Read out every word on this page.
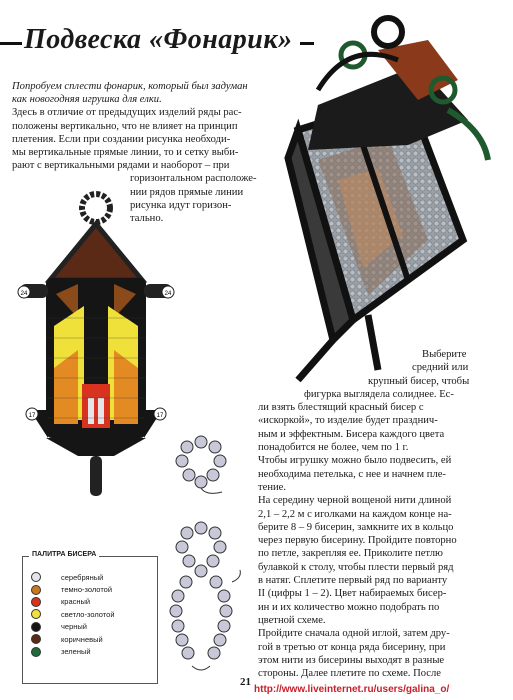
Подвеска «Фонарик»

Попробуем сплести фонарик, который был задуман

как новогодняя игрушка для елки.

Здесь в отличие от предыдущих изделий ряды рас-

положены вертикально, что не влияет на принцип

плетения. Если при создании рисунка необходи-

мы вертикальные прямые линии, то и сетку выби-

рают с вертикальными рядами и наоборот – при

горизонтальном расположе-

нии рядов прямые линии

рисунка идут горизон-

тально.

24	24
17	17
ПАЛИТРА БИСЕРА
серебряный
темно-золотой
красный
светло-золотой
черный
коричневый
зеленый

Выберите

средний или

крупный бисер, чтобы

фигурка выглядела солиднее. Ес-

ли взять блестящий красный бисер с

«искоркой», то изделие будет празднич-

ным и эффектным. Бисера каждого цвета

понадобится не более, чем по 1 г.

Чтобы игрушку можно было подвесить, ей

необходима петелька, с нее и начнем пле-

тение.

На середину черной вощеной нити длиной

2,1 – 2,2 м с иголками на каждом конце на-

берите 8 – 9 бисерин, замкните их в кольцо

через первую бисерину. Пройдите повторно

по петле, закрепляя ее. Приколите петлю

булавкой к столу, чтобы плести первый ряд

в натяг. Сплетите первый ряд по варианту

II (цифры 1 – 2). Цвет набираемых бисер-

ин и их количество можно подобрать по

цветной схеме.

Пройдите сначала одной иглой, затем дру-

гой в третью от конца ряда бисерину, при

этом нити из бисерины выходят в разные

стороны. Далее плетите по схеме. После

21
http://www.liveinternet.ru/users/galina_o/
